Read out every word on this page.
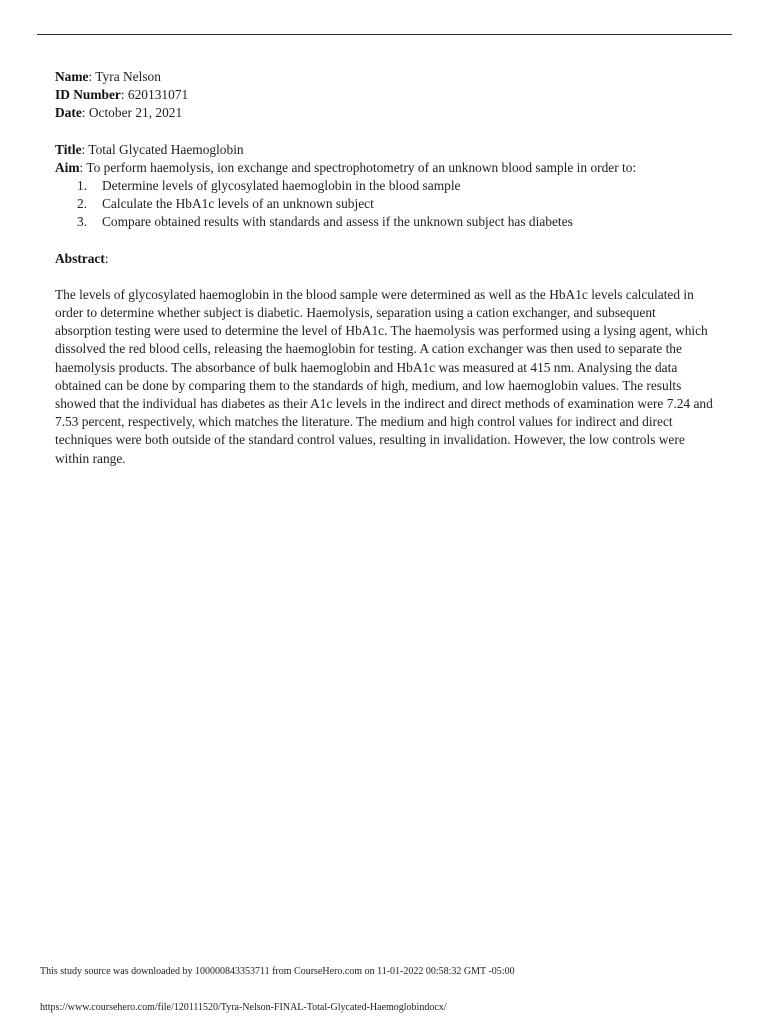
Name: Tyra Nelson
ID Number: 620131071
Date: October 21, 2021
Title: Total Glycated Haemoglobin
Aim: To perform haemolysis, ion exchange and spectrophotometry of an unknown blood sample in order to:
1. Determine levels of glycosylated haemoglobin in the blood sample
2. Calculate the HbA1c levels of an unknown subject
3. Compare obtained results with standards and assess if the unknown subject has diabetes
Abstract:

The levels of glycosylated haemoglobin in the blood sample were determined as well as the HbA1c levels calculated in order to determine whether subject is diabetic. Haemolysis, separation using a cation exchanger, and subsequent absorption testing were used to determine the level of HbA1c. The haemolysis was performed using a lysing agent, which dissolved the red blood cells, releasing the haemoglobin for testing. A cation exchanger was then used to separate the haemolysis products. The absorbance of bulk haemoglobin and HbA1c was measured at 415 nm. Analysing the data obtained can be done by comparing them to the standards of high, medium, and low haemoglobin values. The results showed that the individual has diabetes as their A1c levels in the indirect and direct methods of examination were 7.24 and 7.53 percent, respectively, which matches the literature. The medium and high control values for indirect and direct techniques were both outside of the standard control values, resulting in invalidation. However, the low controls were within range.

This study source was downloaded by 100000843353711 from CourseHero.com on 11-01-2022 00:58:32 GMT -05:00
https://www.coursehero.com/file/120111520/Tyra-Nelson-FINAL-Total-Glycated-Haemoglobindocx/
